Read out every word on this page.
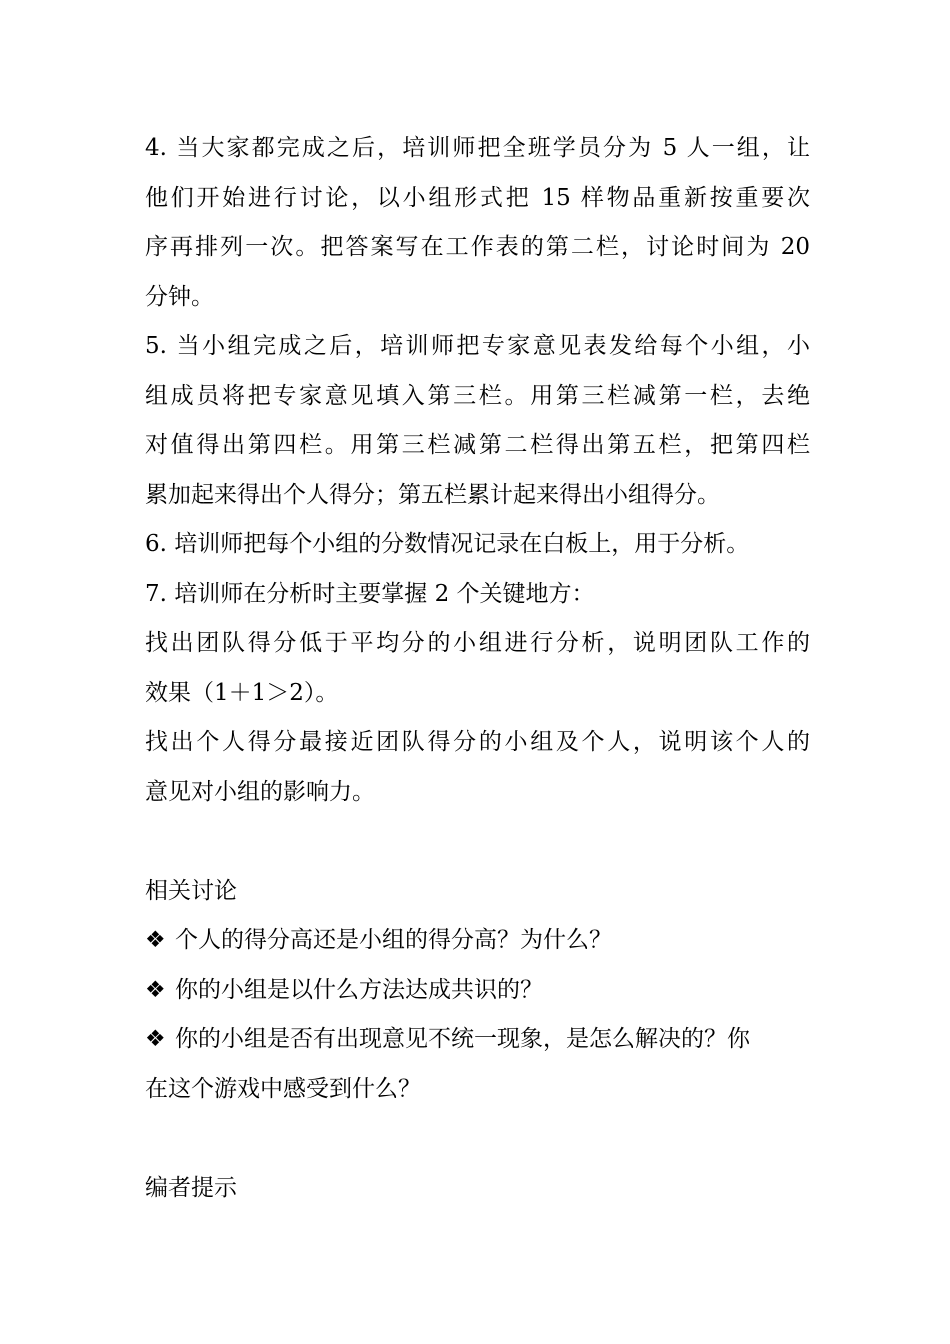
4. 当大家都完成之后，培训师把全班学员分为 5 人一组，让
他们开始进行讨论，以小组形式把 15 样物品重新按重要次
序再排列一次。把答案写在工作表的第二栏，讨论时间为 20
分钟。
5. 当小组完成之后，培训师把专家意见表发给每个小组，小
组成员将把专家意见填入第三栏。用第三栏减第一栏，去绝
对值得出第四栏。用第三栏减第二栏得出第五栏，把第四栏
累加起来得出个人得分；第五栏累计起来得出小组得分。
6. 培训师把每个小组的分数情况记录在白板上，用于分析。
7. 培训师在分析时主要掌握 2 个关键地方：
找出团队得分低于平均分的小组进行分析，说明团队工作的
效果（1＋1＞2）。
找出个人得分最接近团队得分的小组及个人，说明该个人的
意见对小组的影响力。
相关讨论
❖ 个人的得分高还是小组的得分高？为什么？
❖ 你的小组是以什么方法达成共识的？
❖ 你的小组是否有出现意见不统一现象，是怎么解决的？你
在这个游戏中感受到什么？
编者提示
